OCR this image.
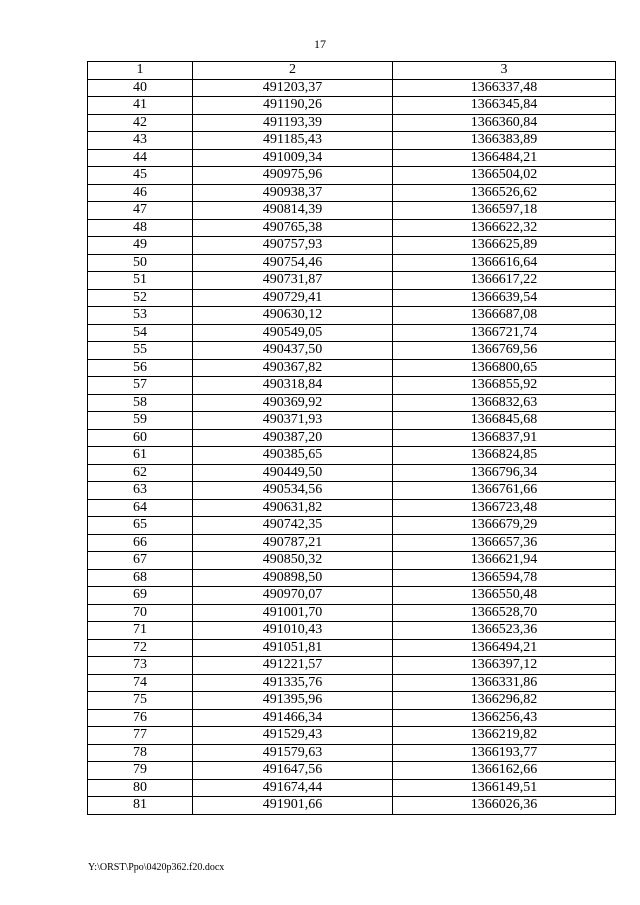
17
1	2	3
40	491203,37	1366337,48
41	491190,26	1366345,84
42	491193,39	1366360,84
43	491185,43	1366383,89
44	491009,34	1366484,21
45	490975,96	1366504,02
46	490938,37	1366526,62
47	490814,39	1366597,18
48	490765,38	1366622,32
49	490757,93	1366625,89
50	490754,46	1366616,64
51	490731,87	1366617,22
52	490729,41	1366639,54
53	490630,12	1366687,08
54	490549,05	1366721,74
55	490437,50	1366769,56
56	490367,82	1366800,65
57	490318,84	1366855,92
58	490369,92	1366832,63
59	490371,93	1366845,68
60	490387,20	1366837,91
61	490385,65	1366824,85
62	490449,50	1366796,34
63	490534,56	1366761,66
64	490631,82	1366723,48
65	490742,35	1366679,29
66	490787,21	1366657,36
67	490850,32	1366621,94
68	490898,50	1366594,78
69	490970,07	1366550,48
70	491001,70	1366528,70
71	491010,43	1366523,36
72	491051,81	1366494,21
73	491221,57	1366397,12
74	491335,76	1366331,86
75	491395,96	1366296,82
76	491466,34	1366256,43
77	491529,43	1366219,82
78	491579,63	1366193,77
79	491647,56	1366162,66
80	491674,44	1366149,51
81	491901,66	1366026,36
Y:\ORST\Ppo\0420p362.f20.docx
